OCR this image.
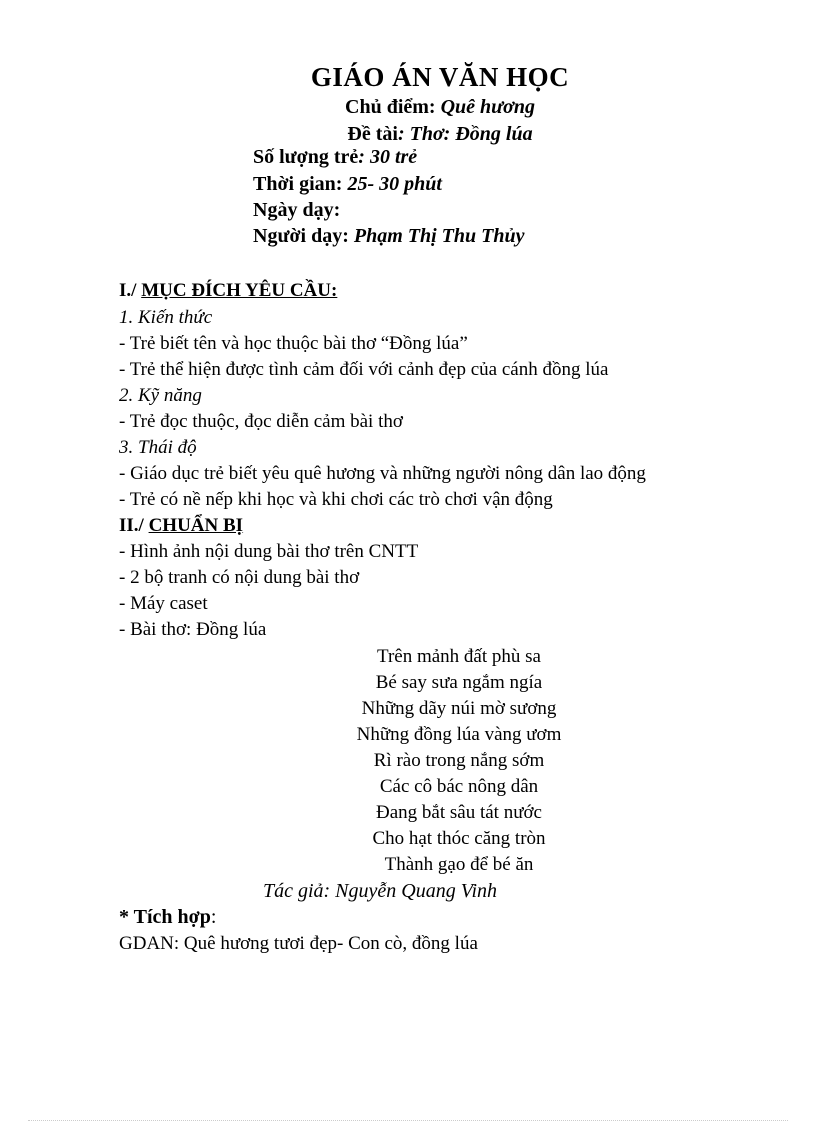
GIÁO ÁN VĂN HỌC
Chủ điểm: Quê hương
Đề tài: Thơ: Đồng lúa
Số lượng trẻ: 30 trẻ
Thời gian: 25- 30 phút
Ngày dạy:
Người dạy: Phạm Thị Thu Thủy
I./ MỤC ĐÍCH YÊU CẦU:
1. Kiến thức
- Trẻ biết tên và học thuộc bài thơ “Đồng lúa”
- Trẻ thể hiện được tình cảm đối với cảnh đẹp của cánh đồng lúa
2. Kỹ năng
- Trẻ đọc thuộc, đọc diễn cảm bài thơ
3. Thái độ
- Giáo dục trẻ biết yêu quê hương và những người nông dân lao động
- Trẻ có nề nếp khi học và khi chơi các trò chơi vận động
II./ CHUẨN BỊ
- Hình ảnh nội dung bài thơ trên CNTT
- 2 bộ tranh có nội dung bài thơ
- Máy caset
- Bài thơ: Đồng lúa
Trên mảnh đất phù sa
Bé say sưa ngắm ngía
Những dãy núi mờ sương
Những đồng lúa vàng ươm
Rì rào trong nắng sớm
Các cô bác nông dân
Đang bắt sâu tát nước
Cho hạt thóc căng tròn
Thành gạo để bé ăn
Tác giả: Nguyễn Quang Vinh
* Tích hợp:
GDAN: Quê hương tươi đẹp- Con cò, đồng lúa
